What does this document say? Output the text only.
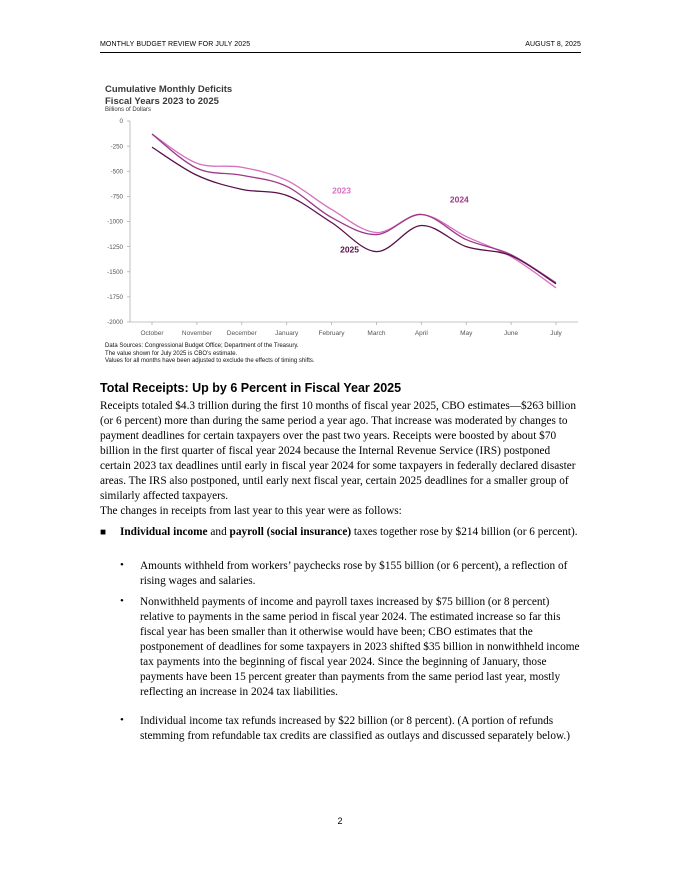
MONTHLY BUDGET REVIEW FOR JULY 2025	AUGUST 8, 2025
Cumulative Monthly Deficits
Fiscal Years 2023 to 2025
Billions of Dollars
0
-250
-500
-750
-1000
-1250
-1500
-1750
-2000
October	November December	January	February	March	April	May	June	July
2023
2024
2025
Data Sources: Congressional Budget Office; Department of the Treasury.
The value shown for July 2025 is CBO’s estimate.
Values for all months have been adjusted to exclude the effects of timing shifts.
Total Receipts: Up by 6 Percent in Fiscal Year 2025
Receipts totaled $4.3 trillion during the first 10 months of fiscal year 2025, CBO estimates—$263 billion (or 6 percent) more than during the same period a year ago. That increase was moderated by changes to payment deadlines for certain taxpayers over the past two years. Receipts were boosted by about $70 billion in the first quarter of fiscal year 2024 because the Internal Revenue Service (IRS) postponed certain 2023 tax deadlines until early in fiscal year 2024 for some taxpayers in federally declared disaster areas. The IRS also postponed, until early next fiscal year, certain 2025 deadlines for a smaller group of similarly affected taxpayers.
The changes in receipts from last year to this year were as follows:
■ Individual income and payroll (social insurance) taxes together rose by $214 billion (or 6 percent).
• Amounts withheld from workers’ paychecks rose by $155 billion (or 6 percent), a reflection of rising wages and salaries.
• Nonwithheld payments of income and payroll taxes increased by $75 billion (or 8 percent) relative to payments in the same period in fiscal year 2024. The estimated increase so far this fiscal year has been smaller than it otherwise would have been; CBO estimates that the postponement of deadlines for some taxpayers in 2023 shifted $35 billion in nonwithheld income tax payments into the beginning of fiscal year 2024. Since the beginning of January, those payments have been 15 percent greater than payments from the same period last year, mostly reflecting an increase in 2024 tax liabilities.
• Individual income tax refunds increased by $22 billion (or 8 percent). (A portion of refunds stemming from refundable tax credits are classified as outlays and discussed separately below.)
2
